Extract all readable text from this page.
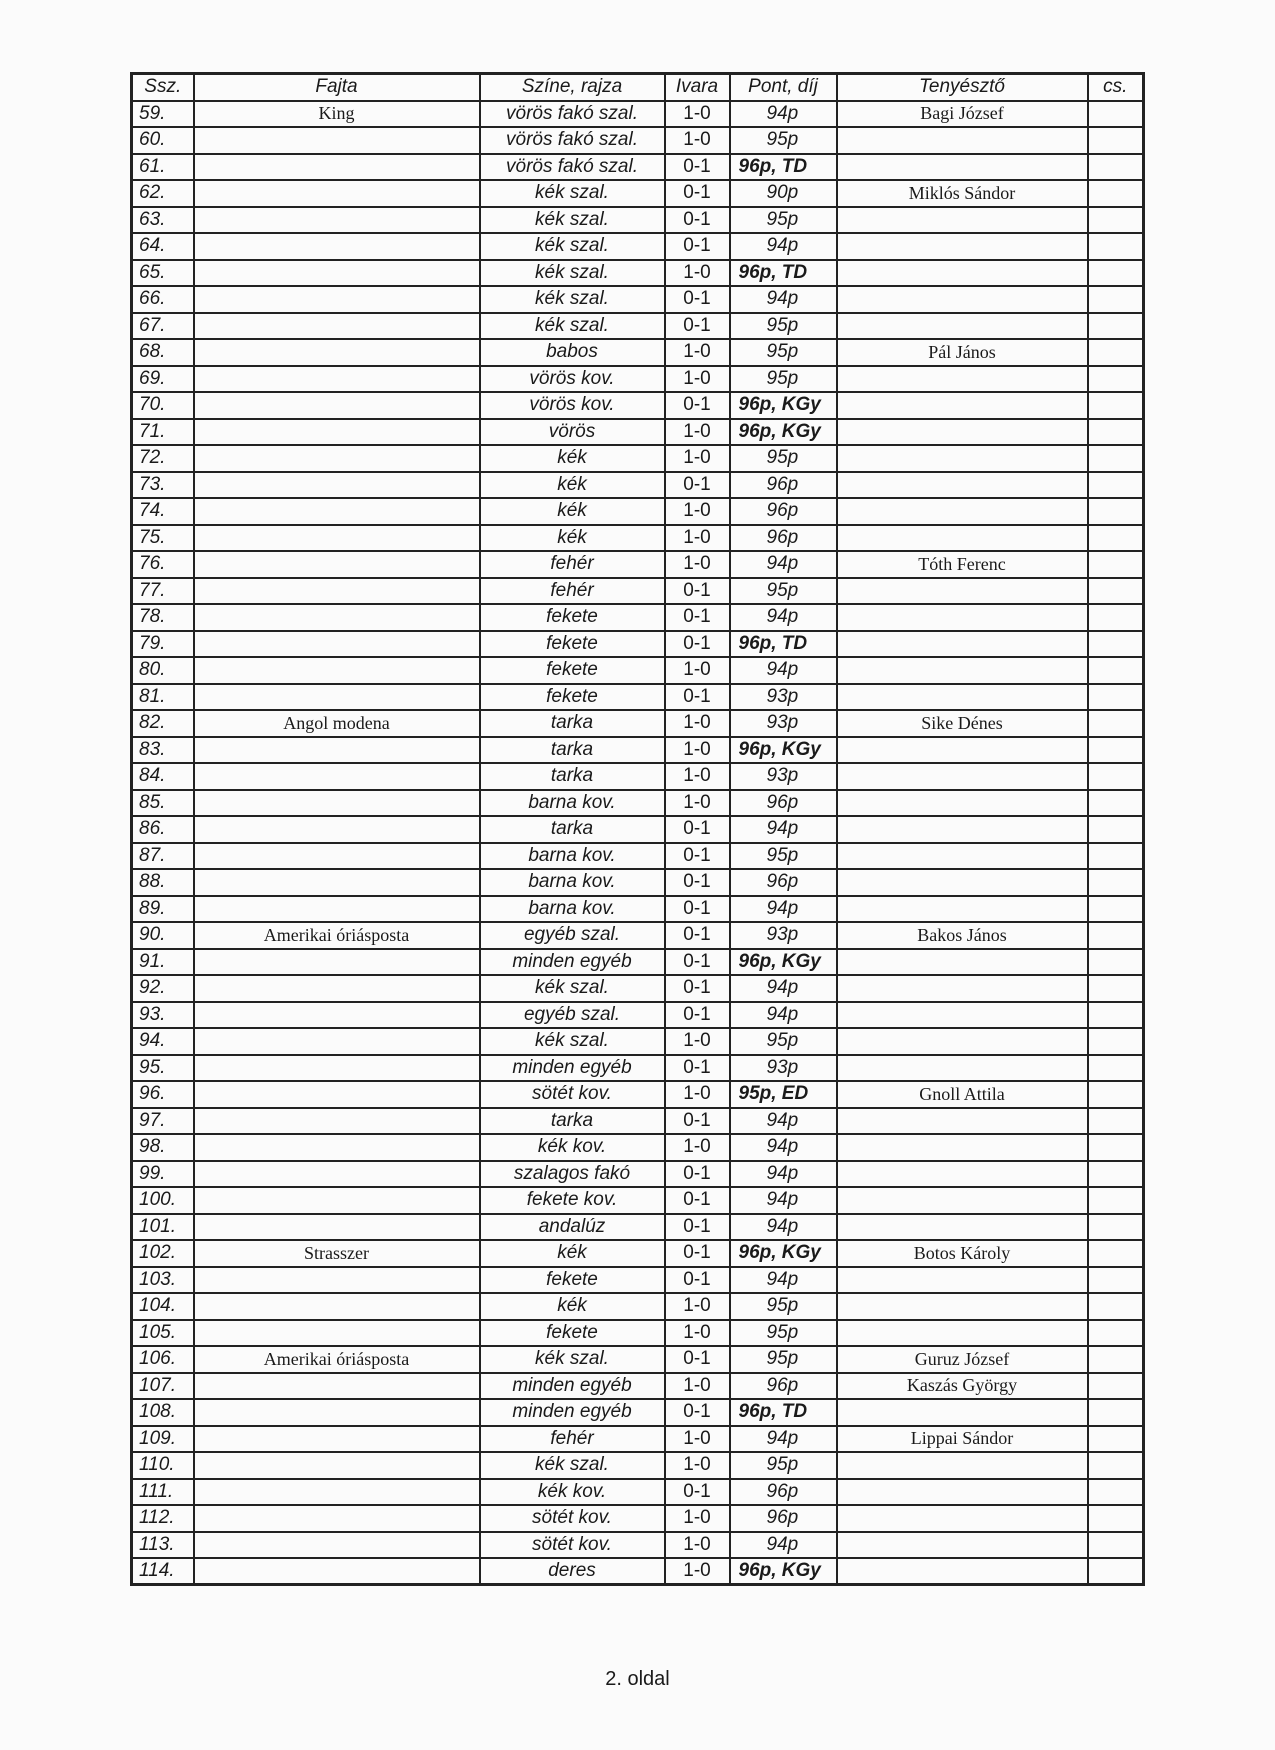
Ssz.	Fajta	Színe, rajza	Ivara	Pont, díj	Tenyésztő	cs.
59.	King	vörös fakó szal.	1-0	94p	Bagi József	
60.		vörös fakó szal.	1-0	95p		
61.		vörös fakó szal.	0-1	96p, TD		
62.		kék szal.	0-1	90p	Miklós Sándor	
63.		kék szal.	0-1	95p		
64.		kék szal.	0-1	94p		
65.		kék szal.	1-0	96p, TD		
66.		kék szal.	0-1	94p		
67.		kék szal.	0-1	95p		
68.		babos	1-0	95p	Pál János	
69.		vörös kov.	1-0	95p		
70.		vörös kov.	0-1	96p, KGy		
71.		vörös	1-0	96p, KGy		
72.		kék	1-0	95p		
73.		kék	0-1	96p		
74.		kék	1-0	96p		
75.		kék	1-0	96p		
76.		fehér	1-0	94p	Tóth Ferenc	
77.		fehér	0-1	95p		
78.		fekete	0-1	94p		
79.		fekete	0-1	96p, TD		
80.		fekete	1-0	94p		
81.		fekete	0-1	93p		
82.	Angol modena	tarka	1-0	93p	Sike Dénes	
83.		tarka	1-0	96p, KGy		
84.		tarka	1-0	93p		
85.		barna kov.	1-0	96p		
86.		tarka	0-1	94p		
87.		barna kov.	0-1	95p		
88.		barna kov.	0-1	96p		
89.		barna kov.	0-1	94p		
90.	Amerikai óriásposta	egyéb szal.	0-1	93p	Bakos János	
91.		minden egyéb	0-1	96p, KGy		
92.		kék szal.	0-1	94p		
93.		egyéb szal.	0-1	94p		
94.		kék szal.	1-0	95p		
95.		minden egyéb	0-1	93p		
96.		sötét kov.	1-0	95p, ED	Gnoll Attila	
97.		tarka	0-1	94p		
98.		kék kov.	1-0	94p		
99.		szalagos fakó	0-1	94p		
100.		fekete kov.	0-1	94p		
101.		andalúz	0-1	94p		
102.	Strasszer	kék	0-1	96p, KGy	Botos Károly	
103.		fekete	0-1	94p		
104.		kék	1-0	95p		
105.		fekete	1-0	95p		
106.	Amerikai óriásposta	kék szal.	0-1	95p	Guruz József	
107.		minden egyéb	1-0	96p	Kaszás György	
108.		minden egyéb	0-1	96p, TD		
109.		fehér	1-0	94p	Lippai Sándor	
110.		kék szal.	1-0	95p		
111.		kék kov.	0-1	96p		
112.		sötét kov.	1-0	96p		
113.		sötét kov.	1-0	94p		
114.		deres	1-0	96p, KGy		
2. oldal
